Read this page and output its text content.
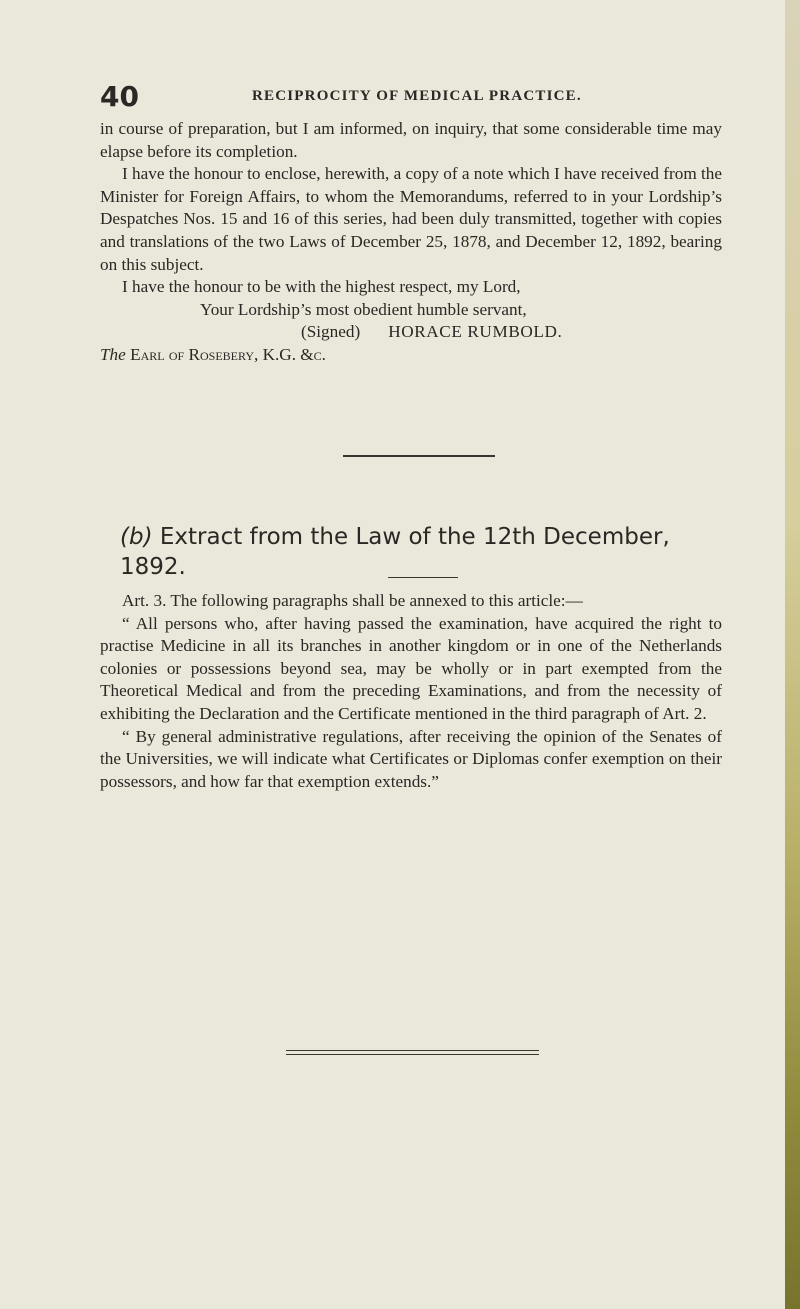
40	RECIPROCITY OF MEDICAL PRACTICE.

in course of preparation, but I am informed, on inquiry, that some considerable time may elapse before its completion.

I have the honour to enclose, herewith, a copy of a note which I have received from the Minister for Foreign Affairs, to whom the Memorandums, referred to in your Lordship’s Despatches Nos. 15 and 16 of this series, had been duly transmitted, together with copies and translations of the two Laws of December 25, 1878, and December 12, 1892, bearing on this subject.

I have the honour to be with the highest respect, my Lord,

Your Lordship’s most obedient humble servant,

(Signed) HORACE RUMBOLD.

The Earl of Rosebery, K.G. &c.

(b) Extract from the Law of the 12th December, 1892.

Art. 3. The following paragraphs shall be annexed to this article:—

“ All persons who, after having passed the examination, have acquired the right to practise Medicine in all its branches in another kingdom or in one of the Netherlands colonies or possessions beyond sea, may be wholly or in part exempted from the Theoretical Medical and from the preceding Examinations, and from the necessity of exhibiting the Declaration and the Certificate mentioned in the third paragraph of Art. 2.

“ By general administrative regulations, after receiving the opinion of the Senates of the Universities, we will indicate what Certificates or Diplomas confer exemption on their possessors, and how far that exemption extends.”
